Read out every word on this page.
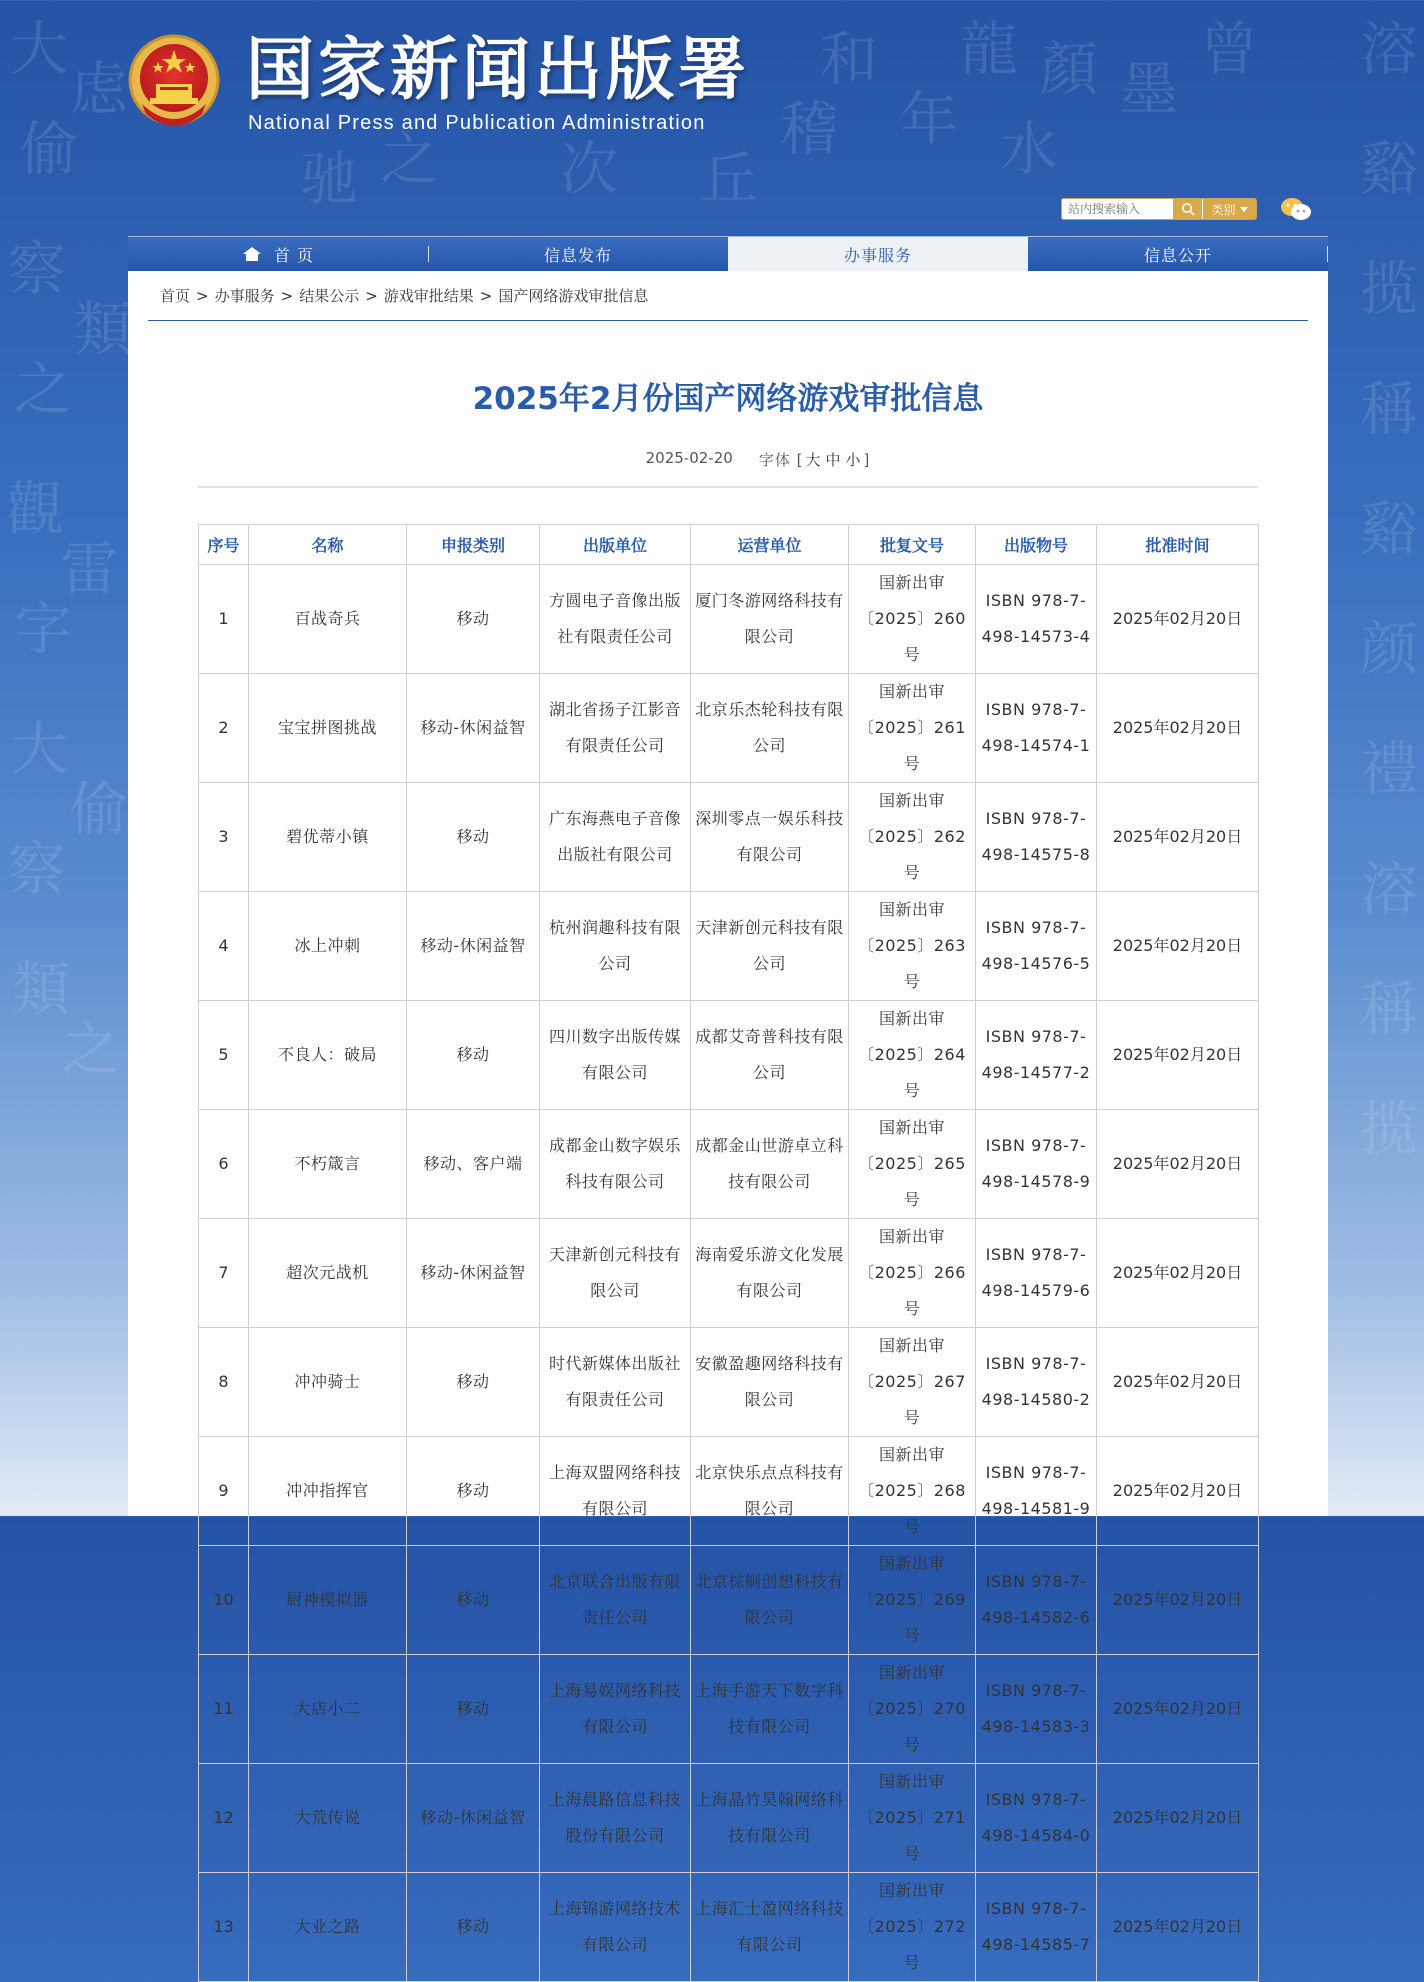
大
偷
察
之
觀
字
大
察
類
虑
類
雷
偷
之
溶
谿
揽
稱
谿
颜
禮
溶
稱
揽
和
年
次
驰 之
龍 顏 墨
曾
丘
稽	水
国家新闻出版署
National Press and Publication Administration
站内搜索输入
类别
首 页	信息发布	办事服务	信息公开
首页 > 办事服务 > 结果公示 > 游戏审批结果 > 国产网络游戏审批信息
2025年2月份国产网络游戏审批信息
2025-02-20 字体 [ 大 中 小 ]
序号	名称	申报类别	出版单位	运营单位	批复文号	出版物号	批准时间
1	百战奇兵	移动	方圆电子音像出版社有限责任公司	厦门冬游网络科技有限公司	国新出审〔2025〕260号	ISBN 978-7-498-14573-4	2025年02月20日
2	宝宝拼图挑战	移动-休闲益智	湖北省扬子江影音有限责任公司	北京乐杰轮科技有限公司	国新出审〔2025〕261号	ISBN 978-7-498-14574-1	2025年02月20日
3	碧优蒂小镇	移动	广东海燕电子音像出版社有限公司	深圳零点一娱乐科技有限公司	国新出审〔2025〕262号	ISBN 978-7-498-14575-8	2025年02月20日
4	冰上冲刺	移动-休闲益智	杭州润趣科技有限公司	天津新创元科技有限公司	国新出审〔2025〕263号	ISBN 978-7-498-14576-5	2025年02月20日
5	不良人：破局	移动	四川数字出版传媒有限公司	成都艾奇普科技有限公司	国新出审〔2025〕264号	ISBN 978-7-498-14577-2	2025年02月20日
6	不朽箴言	移动、客户端	成都金山数字娱乐科技有限公司	成都金山世游卓立科技有限公司	国新出审〔2025〕265号	ISBN 978-7-498-14578-9	2025年02月20日
7	超次元战机	移动-休闲益智	天津新创元科技有限公司	海南爱乐游文化发展有限公司	国新出审〔2025〕266号	ISBN 978-7-498-14579-6	2025年02月20日
8	冲冲骑士	移动	时代新媒体出版社有限责任公司	安徽盈趣网络科技有限公司	国新出审〔2025〕267号	ISBN 978-7-498-14580-2	2025年02月20日
9	冲冲指挥官	移动	上海双盟网络科技有限公司	北京快乐点点科技有限公司	国新出审〔2025〕268号	ISBN 978-7-498-14581-9	2025年02月20日
10	厨神模拟器	移动	北京联合出版有限责任公司	北京棕榈创想科技有限公司	国新出审〔2025〕269号	ISBN 978-7-498-14582-6	2025年02月20日
11	大店小二	移动	上海易娱网络科技有限公司	上海手游天下数字科技有限公司	国新出审〔2025〕270号	ISBN 978-7-498-14583-3	2025年02月20日
12	大荒传说	移动-休闲益智	上海晨路信息科技股份有限公司	上海晶竹昊翰网络科技有限公司	国新出审〔2025〕271号	ISBN 978-7-498-14584-0	2025年02月20日
13	大业之路	移动	上海锦游网络技术有限公司	上海汇士盈网络科技有限公司	国新出审〔2025〕272号	ISBN 978-7-498-14585-7	2025年02月20日
